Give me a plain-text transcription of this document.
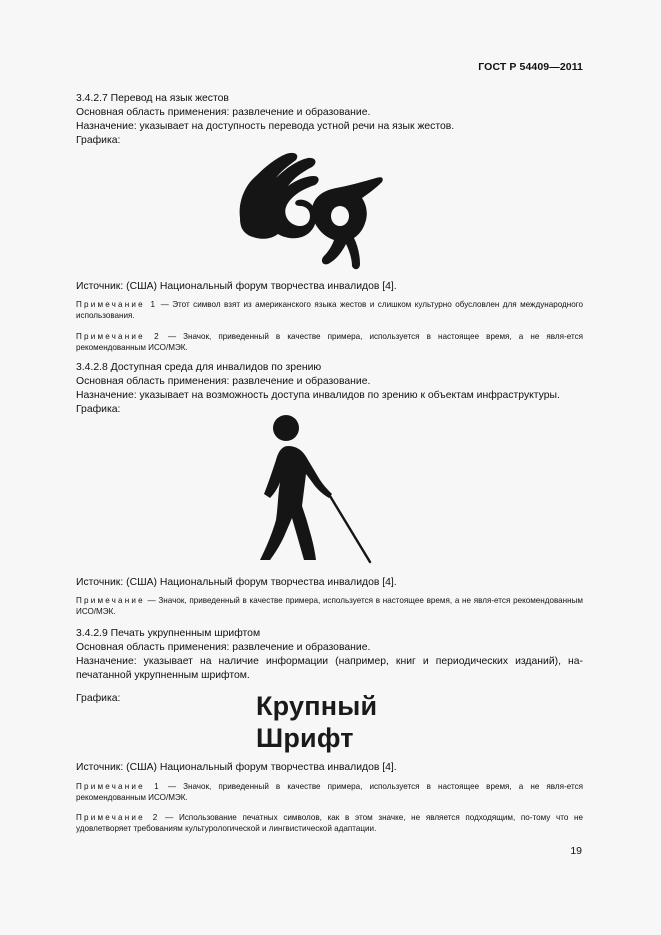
ГОСТ Р 54409—2011
3.4.2.7 Перевод на язык жестов
Основная область применения: развлечение и образование.
Назначение: указывает на доступность перевода устной речи на язык жестов.
Графика:
Источник: (США) Национальный форум творчества инвалидов [4].

Примечание 1 — Этот символ взят из американского языка жестов и слишком культурно обусловлен для международного использования.

Примечание 2 — Значок, приведенный в качестве примера, используется в настоящее время, а не явля-ется рекомендованным ИСО/МЭК.

3.4.2.8 Доступная среда для инвалидов по зрению
Основная область применения: развлечение и образование.
Назначение: указывает на возможность доступа инвалидов по зрению к объектам инфраструктуры.
Графика:
Источник: (США) Национальный форум творчества инвалидов [4].

Примечание — Значок, приведенный в качестве примера, используется в настоящее время, а не явля-ется рекомендованным ИСО/МЭК.

3.4.2.9 Печать укрупненным шрифтом
Основная область применения: развлечение и образование.
Назначение: указывает на наличие информации (например, книг и периодических изданий), на-печатанной укрупненным шрифтом.
Графика:	Крупный
Шрифт
Источник: (США) Национальный форум творчества инвалидов [4].

Примечание 1 — Значок, приведенный в качестве примера, используется в настоящее время, а не явля-ется рекомендованным ИСО/МЭК.

Примечание 2 — Использование печатных символов, как в этом значке, не является подходящим, по-тому что не удовлетворяет требованиям культурологической и лингвистической адаптации.

19
